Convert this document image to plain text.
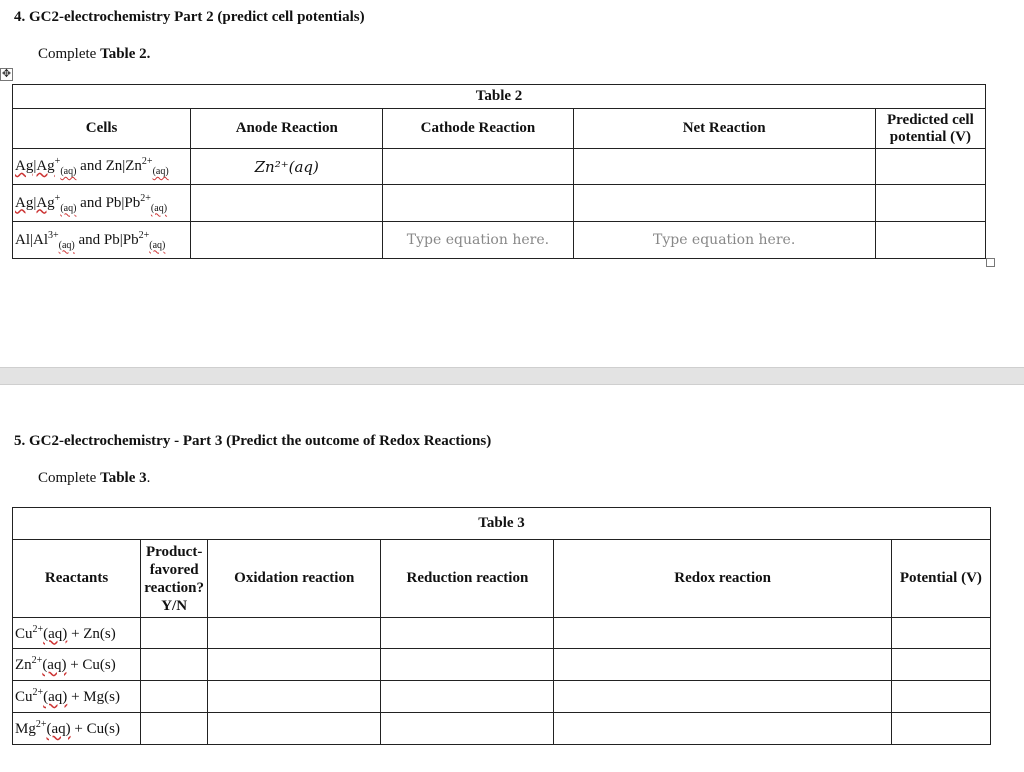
4. GC2-electrochemistry Part 2 (predict cell potentials)
Complete Table 2.
✥
Table 2				
Cells	Anode Reaction	Cathode Reaction	Net Reaction	Predicted cell potential (V)
$Ag|Ag^+_{(aq)}$ and $Zn|Zn^{2+}_{(aq)}$	Zn²⁺(aq)			
$Ag|Ag^+_{(aq)}$ and $Pb|Pb^{2+}_{(aq)}$				
$Al|Al^{3+}_{(aq)}$ and $Pb|Pb^{2+}_{(aq)}$		Type equation here.	Type equation here.	
5. GC2-electrochemistry - Part 3 (Predict the outcome of Redox Reactions)
Complete Table 3.
Table 3					
Reactants	Product-favored reaction? Y/N	Oxidation reaction	Reduction reaction	Redox reaction	Potential (V)
$Cu^{2+}(aq) + Zn(s)$					
$Zn^{2+}(aq) + Cu(s)$					
$Cu^{2+}(aq) + Mg(s)$					
$Mg^{2+}(aq) + Cu(s)$					
